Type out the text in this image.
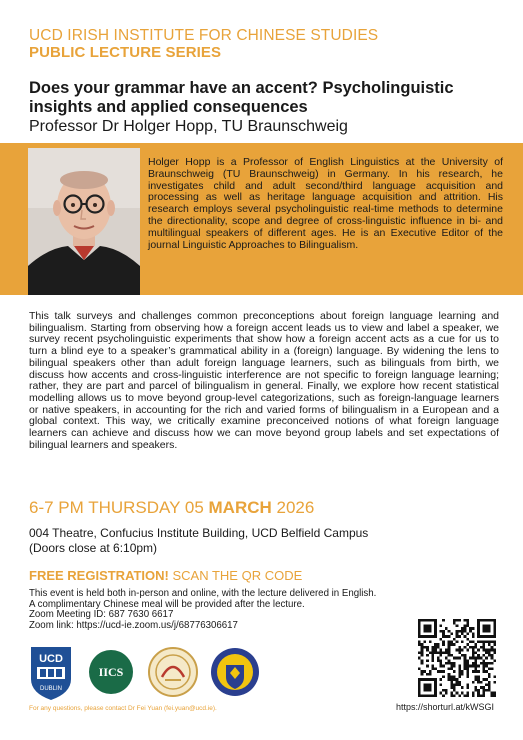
UCD IRISH INSTITUTE FOR CHINESE STUDIES
PUBLIC LECTURE SERIES
Does your grammar have an accent? Psycholinguistic insights and applied consequences
Professor Dr Holger Hopp, TU Braunschweig
Holger Hopp is a Professor of English Linguistics at the University of Braunschweig (TU Braunschweig) in Germany. In his research, he investigates child and adult second/third language acquisition and processing as well as heritage language acquisition and attrition. His research employs several psycholinguistic real-time methods to determine the directionality, scope and degree of cross-linguistic influence in bi- and multilingual speakers of different ages. He is an Executive Editor of the journal Linguistic Approaches to Bilingualism.
This talk surveys and challenges common preconceptions about foreign language learning and bilingualism. Starting from observing how a foreign accent leads us to view and label a speaker, we survey recent psycholinguistic experiments that show how a foreign accent acts as a cue for us to turn a blind eye to a speaker’s grammatical ability in a (foreign) language. By widening the lens to bilingual speakers other than adult foreign language learners, such as bilinguals from birth, we discuss how accents and cross-linguistic interference are not specific to foreign language learning; rather, they are part and parcel of bilingualism in general. Finally, we explore how recent statistical modelling allows us to move beyond group-level categorizations, such as foreign-language learners or native speakers, in accounting for the rich and varied forms of bilingualism in a European and a global context. This way, we critically examine preconceived notions of what foreign language learners can achieve and discuss how we can move beyond group labels and set expectations of bilingual learners and speakers.
6-7 PM THURSDAY 05 MARCH 2026
004 Theatre, Confucius Institute Building, UCD Belfield Campus
(Doors close at 6:10pm)
FREE REGISTRATION! SCAN THE QR CODE
This event is held both in-person and online, with the lecture delivered in English.
A complimentary Chinese meal will be provided after the lecture.
Zoom Meeting ID: 687 7630 6617
Zoom link: https://ucd-ie.zoom.us/j/68776306617
UCD
DUBLIN
IICS
https://shorturl.at/kWSGI
For any questions, please contact Dr Fei Yuan (fei.yuan@ucd.ie).
